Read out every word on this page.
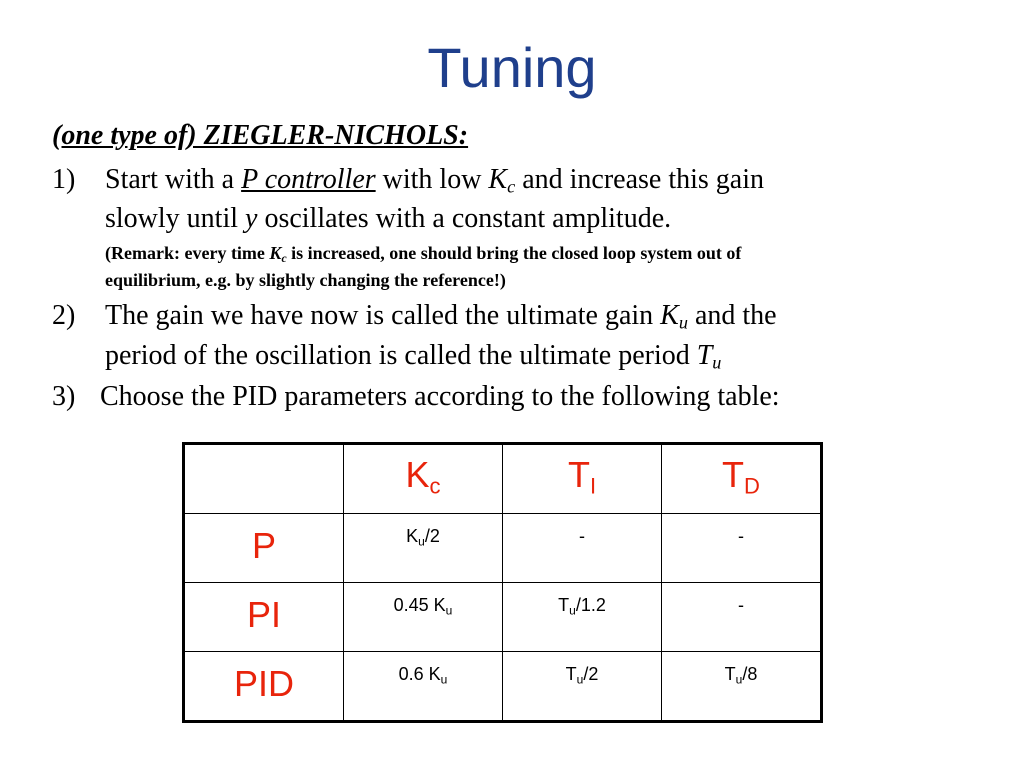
Tuning
(one type of) ZIEGLER-NICHOLS:
1) Start with a P controller with low $K_c$ and increase this gain
slowly until y oscillates with a constant amplitude.
(Remark: every time $K_c$ is increased, one should bring the closed loop system out of
equilibrium, e.g. by slightly changing the reference!)
2) The gain we have now is called the ultimate gain $K_u$ and the
period of the oscillation is called the ultimate period $T_u$
3) Choose the PID parameters according to the following table:
	$K_c$	$T_I$	$T_D$
P	$K_u/2$	-	-
PI	0.45 $K_u$	$T_u/1.2$	-
PID	0.6 $K_u$	$T_u/2$	$T_u/8$
